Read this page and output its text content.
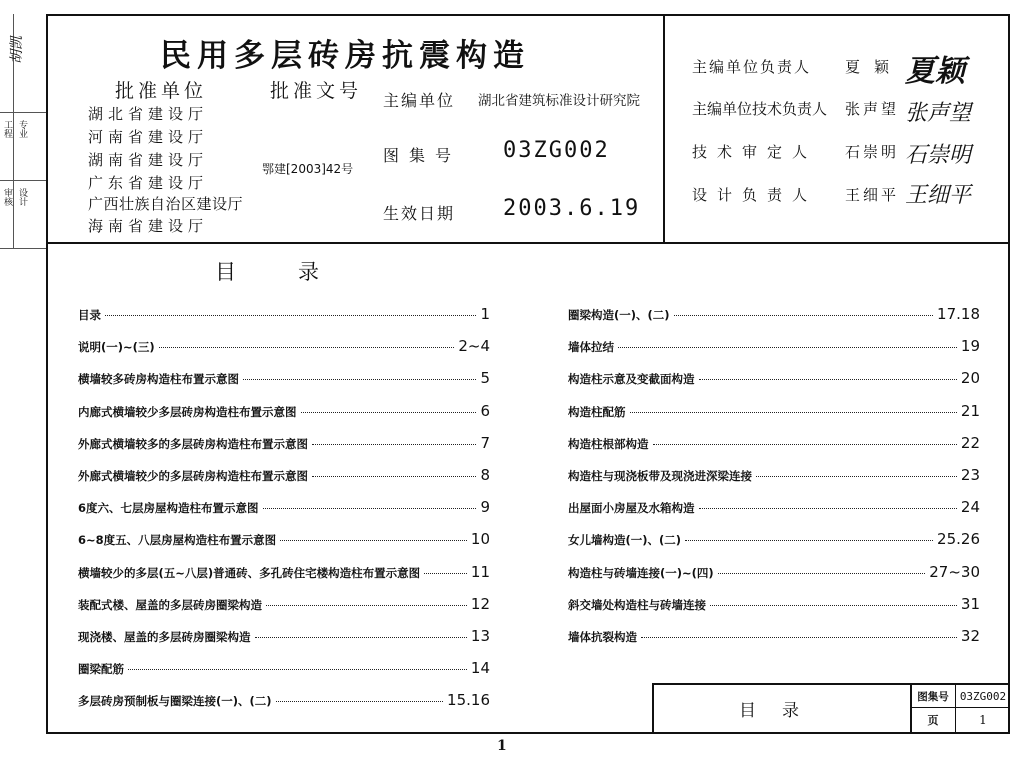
胡凯
工程 专业
审核 设计
民用多层砖房抗震构造
批准单位	批准文号
湖北省建设厅
河南省建设厅
湖南省建设厅
广东省建设厅
广西壮族自治区建设厅
海南省建设厅
鄂建[2003]42号
主编单位 湖北省建筑标准设计研究院
图集号 03ZG002
生效日期 2003.6.19
主编单位负责人 夏颖 夏颖
主编单位技术负责人 张声望 张声望
技术审定人 石崇明 石崇明
设计负责人 王细平 王细平
目录
目录	1
说明(一)~(三)	2~4
横墙较多砖房构造柱布置示意图	5
内廊式横墙较少多层砖房构造柱布置示意图	6
外廊式横墙较多的多层砖房构造柱布置示意图	7
外廊式横墙较少的多层砖房构造柱布置示意图	8
6度六、七层房屋构造柱布置示意图	9
6~8度五、八层房屋构造柱布置示意图	10
横墙较少的多层(五~八层)普通砖、多孔砖住宅楼构造柱布置示意图	11
装配式楼、屋盖的多层砖房圈梁构造	12
现浇楼、屋盖的多层砖房圈梁构造	13
圈梁配筋	14
多层砖房预制板与圈梁连接(一)、(二)	15.16
圈梁构造(一)、(二)	17.18
墙体拉结	19
构造柱示意及变截面构造	20
构造柱配筋	21
构造柱根部构造	22
构造柱与现浇板带及现浇进深梁连接	23
出屋面小房屋及水箱构造	24
女儿墙构造(一)、(二)	25.26
构造柱与砖墙连接(一)~(四)	27~30
斜交墙处构造柱与砖墙连接	31
墙体抗裂构造	32
目录
图集号 03ZG002
页	1
1
